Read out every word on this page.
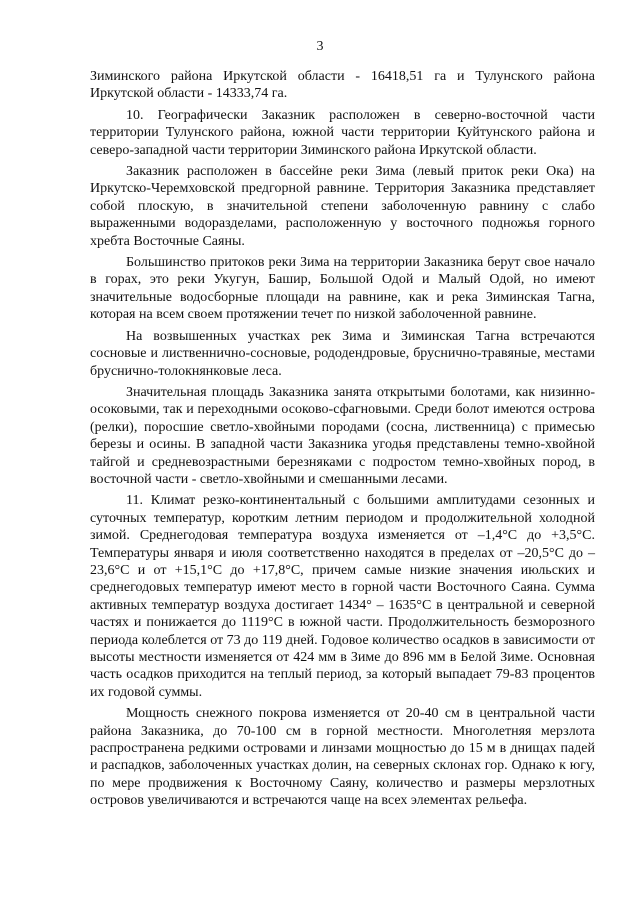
3

Зиминского района Иркутской области - 16418,51 га и Тулунского района Иркутской области - 14333,74 га.

10. Географически Заказник расположен в северно-восточной части территории Тулунского района, южной части территории Куйтунского района и северо-западной части территории Зиминского района Иркутской области.

Заказник расположен в бассейне реки Зима (левый приток реки Ока) на Иркутско-Черемховской предгорной равнине. Территория Заказника представляет собой плоскую, в значительной степени заболоченную равнину с слабо выраженными водоразделами, расположенную у восточного подножья горного хребта Восточные Саяны.

Большинство притоков реки Зима на территории Заказника берут свое начало в горах, это реки Укугун, Башир, Большой Одой и Малый Одой, но имеют значительные водосборные площади на равнине, как и река Зиминская Тагна, которая на всем своем протяжении течет по низкой заболоченной равнине.

На возвышенных участках рек Зима и Зиминская Тагна встречаются сосновые и лиственнично-сосновые, рододендровые, бруснично-травяные, местами бруснично-толокнянковые леса.

Значительная площадь Заказника занята открытыми болотами, как низинно-осоковыми, так и переходными осоково-сфагновыми. Среди болот имеются острова (релки), поросшие светло-хвойными породами (сосна, лиственница) с примесью березы и осины. В западной части Заказника угодья представлены темно-хвойной тайгой и средневозрастными березняками с подростом темно-хвойных пород, в восточной части - светло-хвойными и смешанными лесами.

11. Климат резко-континентальный с большими амплитудами сезонных и суточных температур, коротким летним периодом и продолжительной холодной зимой. Среднегодовая температура воздуха изменяется от –1,4°С до +3,5°С. Температуры января и июля соответственно находятся в пределах от –20,5°С до –23,6°С и от +15,1°С до +17,8°С, причем самые низкие значения июльских и среднегодовых температур имеют место в горной части Восточного Саяна. Сумма активных температур воздуха достигает 1434° – 1635°С в центральной и северной частях и понижается до 1119°С в южной части. Продолжительность безморозного периода колеблется от 73 до 119 дней. Годовое количество осадков в зависимости от высоты местности изменяется от 424 мм в Зиме до 896 мм в Белой Зиме. Основная часть осадков приходится на теплый период, за который выпадает 79-83 процентов их годовой суммы.

Мощность снежного покрова изменяется от 20-40 см в центральной части района Заказника, до 70-100 см в горной местности. Многолетняя мерзлота распространена редкими островами и линзами мощностью до 15 м в днищах падей и распадков, заболоченных участках долин, на северных склонах гор. Однако к югу, по мере продвижения к Восточному Саяну, количество и размеры мерзлотных островов увеличиваются и встречаются чаще на всех элементах рельефа.
